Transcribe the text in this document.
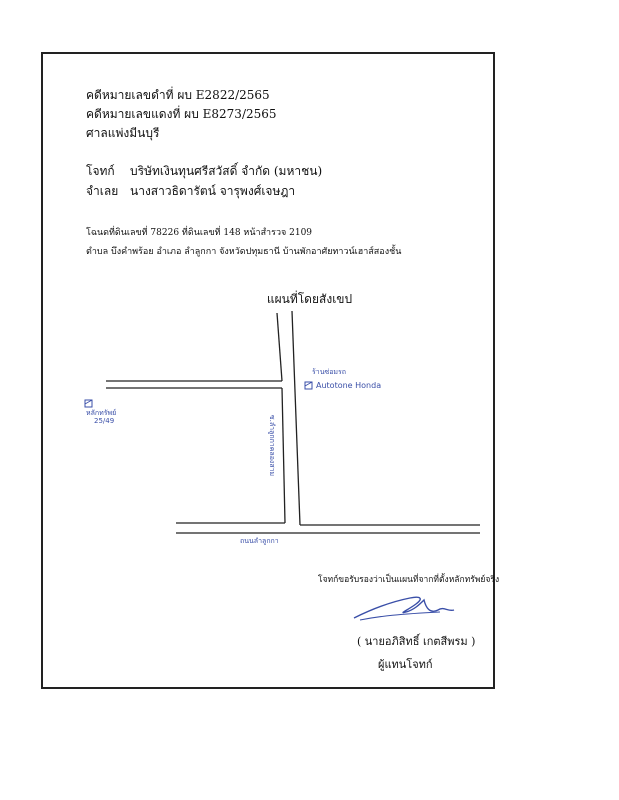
คดีหมายเลขดำที่ ผบ E2822/2565
คดีหมายเลขแดงที่ ผบ E8273/2565
ศาลแพ่งมีนบุรี
โจทก์ บริษัทเงินทุนศรีสวัสดิ์ จำกัด (มหาชน)
จำเลย นางสาวธิดารัตน์ จารุพงศ์เจษฎา
โฉนดที่ดินเลขที่ 78226 ที่ดินเลขที่ 148 หน้าสำรวจ 2109
ตำบล บึงคำพร้อย อำเภอ ลำลูกกา จังหวัดปทุมธานี บ้านพักอาศัยทาวน์เฮาส์สองชั้น
แผนที่โดยสังเขป
ร้านซ่อมรถ
Autotone Honda
หลักทรัพย์
25/49	ซ.ลำลูกกาคลองสาม
ถนนลำลูกกา
โจทก์ขอรับรองว่าเป็นแผนที่จากที่ตั้งหลักทรัพย์จริง
( นายอภิสิทธิ์ เกตสีพรม )
ผู้แทนโจทก์
